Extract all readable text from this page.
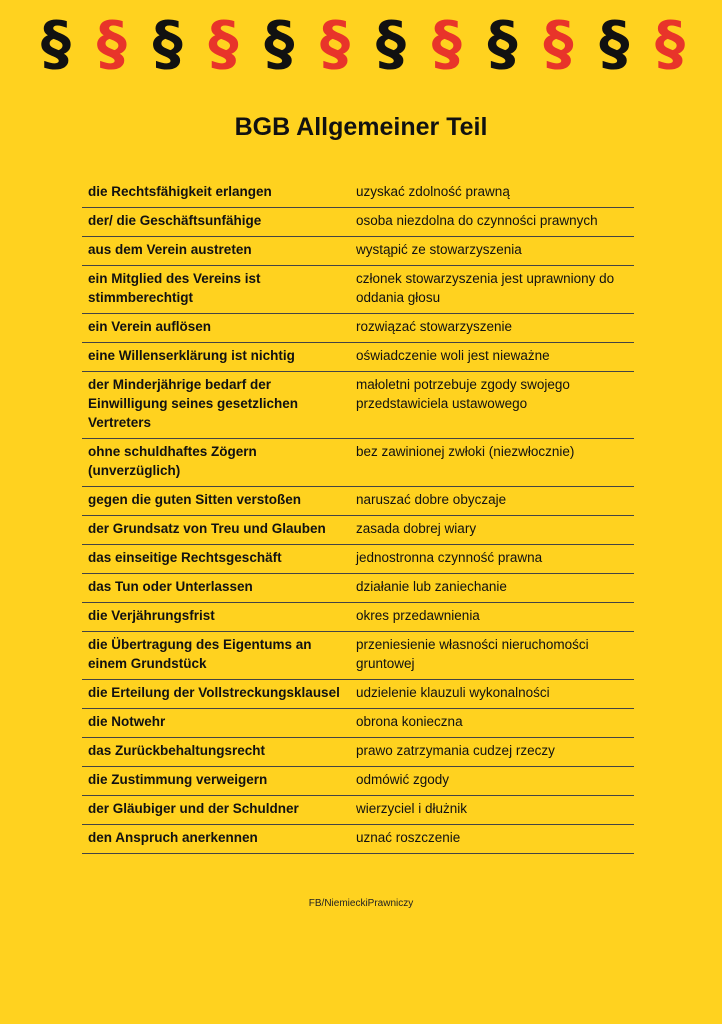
§ § § § § § § § § § § §
BGB Allgemeiner Teil
die Rechtsfähigkeit erlangen	uzyskać zdolność prawną
der/ die Geschäftsunfähige	osoba niezdolna do czynności prawnych
aus dem Verein austreten	wystąpić ze stowarzyszenia
ein Mitglied des Vereins ist stimmberechtigt	członek stowarzyszenia jest uprawniony do oddania głosu
ein Verein auflösen	rozwiązać stowarzyszenie
eine Willenserklärung ist nichtig	oświadczenie woli jest nieważne
der Minderjährige bedarf der Einwilligung seines gesetzlichen Vertreters	małoletni potrzebuje zgody swojego przedstawiciela ustawowego
ohne schuldhaftes Zögern (unverzüglich)	bez zawinionej zwłoki (niezwłocznie)
gegen die guten Sitten verstoßen	naruszać dobre obyczaje
der Grundsatz von Treu und Glauben	zasada dobrej wiary
das einseitige Rechtsgeschäft	jednostronna czynność prawna
das Tun oder Unterlassen	działanie lub zaniechanie
die Verjährungsfrist	okres przedawnienia
die Übertragung des Eigentums an einem Grundstück	przeniesienie własności nieruchomości gruntowej
die Erteilung der Vollstreckungsklausel	udzielenie klauzuli wykonalności
die Notwehr	obrona konieczna
das Zurückbehaltungsrecht	prawo zatrzymania cudzej rzeczy
die Zustimmung verweigern	odmówić zgody
der Gläubiger und der Schuldner	wierzyciel i dłużnik
den Anspruch anerkennen	uznać roszczenie
FB/NiemieckiPrawniczy
